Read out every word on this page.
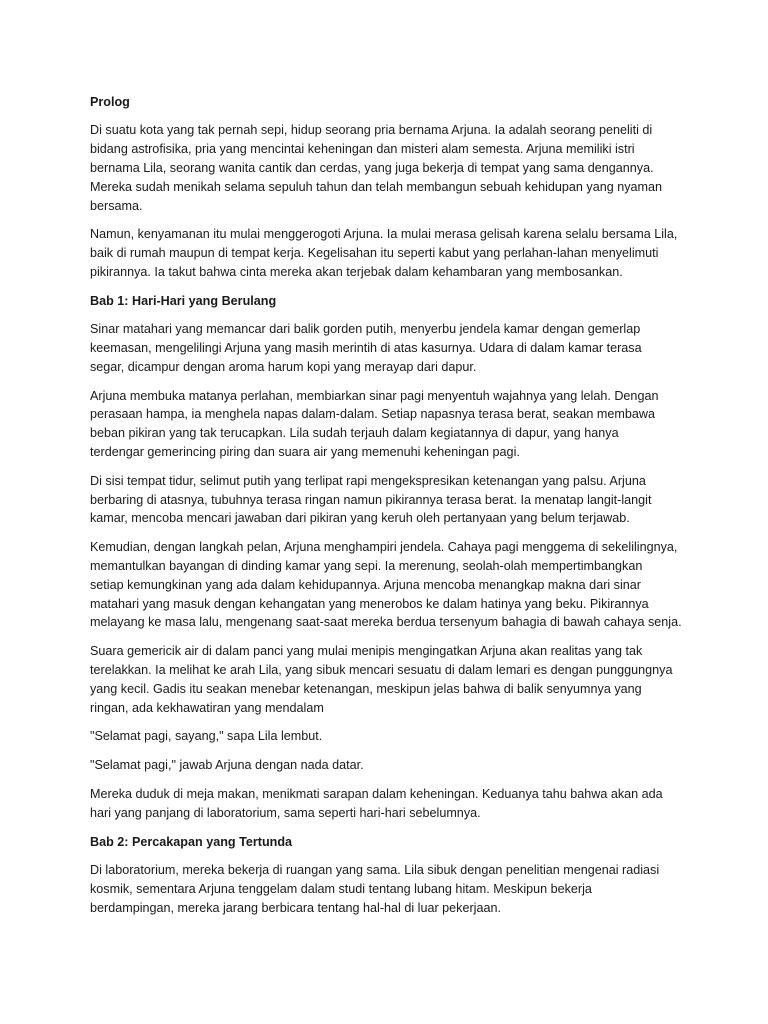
Prolog
Di suatu kota yang tak pernah sepi, hidup seorang pria bernama Arjuna. Ia adalah seorang peneliti di
bidang astrofisika, pria yang mencintai keheningan dan misteri alam semesta. Arjuna memiliki istri
bernama Lila, seorang wanita cantik dan cerdas, yang juga bekerja di tempat yang sama dengannya.
Mereka sudah menikah selama sepuluh tahun dan telah membangun sebuah kehidupan yang nyaman
bersama.
Namun, kenyamanan itu mulai menggerogoti Arjuna. Ia mulai merasa gelisah karena selalu bersama Lila,
baik di rumah maupun di tempat kerja. Kegelisahan itu seperti kabut yang perlahan-lahan menyelimuti
pikirannya. Ia takut bahwa cinta mereka akan terjebak dalam kehambaran yang membosankan.
Bab 1: Hari-Hari yang Berulang
Sinar matahari yang memancar dari balik gorden putih, menyerbu jendela kamar dengan gemerlap
keemasan, mengelilingi Arjuna yang masih merintih di atas kasurnya. Udara di dalam kamar terasa
segar, dicampur dengan aroma harum kopi yang merayap dari dapur.
Arjuna membuka matanya perlahan, membiarkan sinar pagi menyentuh wajahnya yang lelah. Dengan
perasaan hampa, ia menghela napas dalam-dalam. Setiap napasnya terasa berat, seakan membawa
beban pikiran yang tak terucapkan. Lila sudah terjauh dalam kegiatannya di dapur, yang hanya
terdengar gemerincing piring dan suara air yang memenuhi keheningan pagi.
Di sisi tempat tidur, selimut putih yang terlipat rapi mengekspresikan ketenangan yang palsu. Arjuna
berbaring di atasnya, tubuhnya terasa ringan namun pikirannya terasa berat. Ia menatap langit-langit
kamar, mencoba mencari jawaban dari pikiran yang keruh oleh pertanyaan yang belum terjawab.
Kemudian, dengan langkah pelan, Arjuna menghampiri jendela. Cahaya pagi menggema di sekelilingnya,
memantulkan bayangan di dinding kamar yang sepi. Ia merenung, seolah-olah mempertimbangkan
setiap kemungkinan yang ada dalam kehidupannya. Arjuna mencoba menangkap makna dari sinar
matahari yang masuk dengan kehangatan yang menerobos ke dalam hatinya yang beku. Pikirannya
melayang ke masa lalu, mengenang saat-saat mereka berdua tersenyum bahagia di bawah cahaya senja.
Suara gemericik air di dalam panci yang mulai menipis mengingatkan Arjuna akan realitas yang tak
terelakkan. Ia melihat ke arah Lila, yang sibuk mencari sesuatu di dalam lemari es dengan punggungnya
yang kecil. Gadis itu seakan menebar ketenangan, meskipun jelas bahwa di balik senyumnya yang
ringan, ada kekhawatiran yang mendalam
"Selamat pagi, sayang," sapa Lila lembut.
"Selamat pagi," jawab Arjuna dengan nada datar.
Mereka duduk di meja makan, menikmati sarapan dalam keheningan. Keduanya tahu bahwa akan ada
hari yang panjang di laboratorium, sama seperti hari-hari sebelumnya.
Bab 2: Percakapan yang Tertunda
Di laboratorium, mereka bekerja di ruangan yang sama. Lila sibuk dengan penelitian mengenai radiasi
kosmik, sementara Arjuna tenggelam dalam studi tentang lubang hitam. Meskipun bekerja
berdampingan, mereka jarang berbicara tentang hal-hal di luar pekerjaan.
